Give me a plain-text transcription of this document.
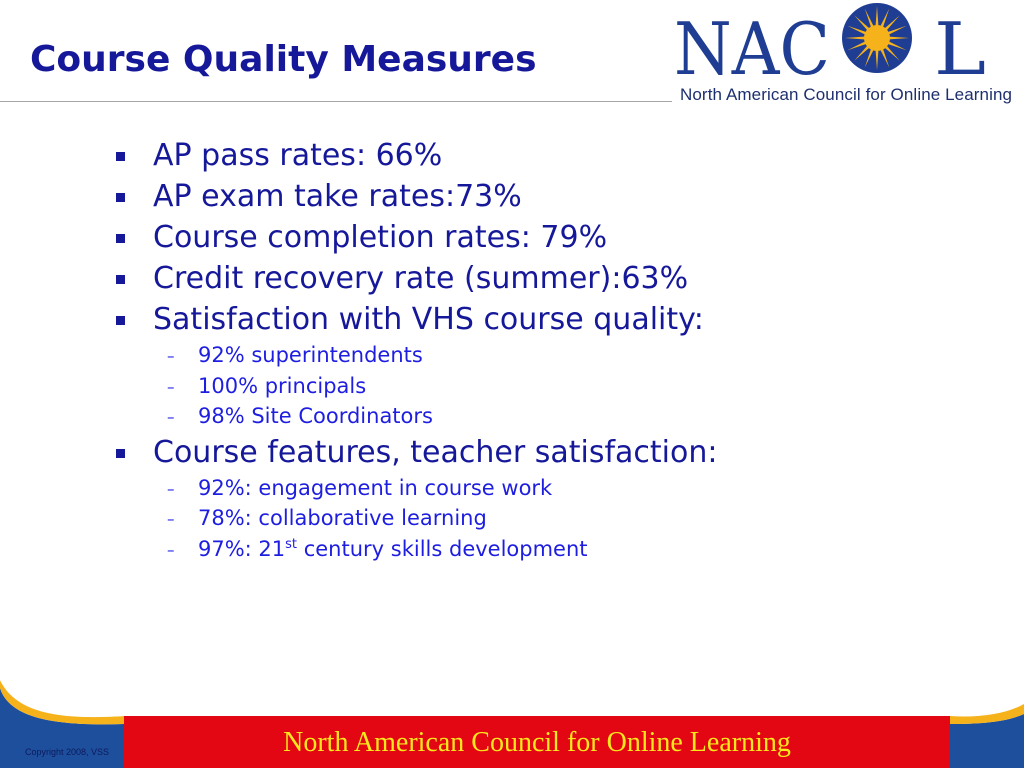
Course Quality Measures NAC L
North American Council for Online Learning
AP pass rates: 66%
AP exam take rates:73%
Course completion rates: 79%
Credit recovery rate (summer):63%
Satisfaction with VHS course quality:
– 92% superintendents
– 100% principals
– 98% Site Coordinators
Course features, teacher satisfaction:
– 92%: engagement in course work
– 78%: collaborative learning
– 97%: 21st century skills development
Copyright 2008, VSS	North American Council for Online Learning
